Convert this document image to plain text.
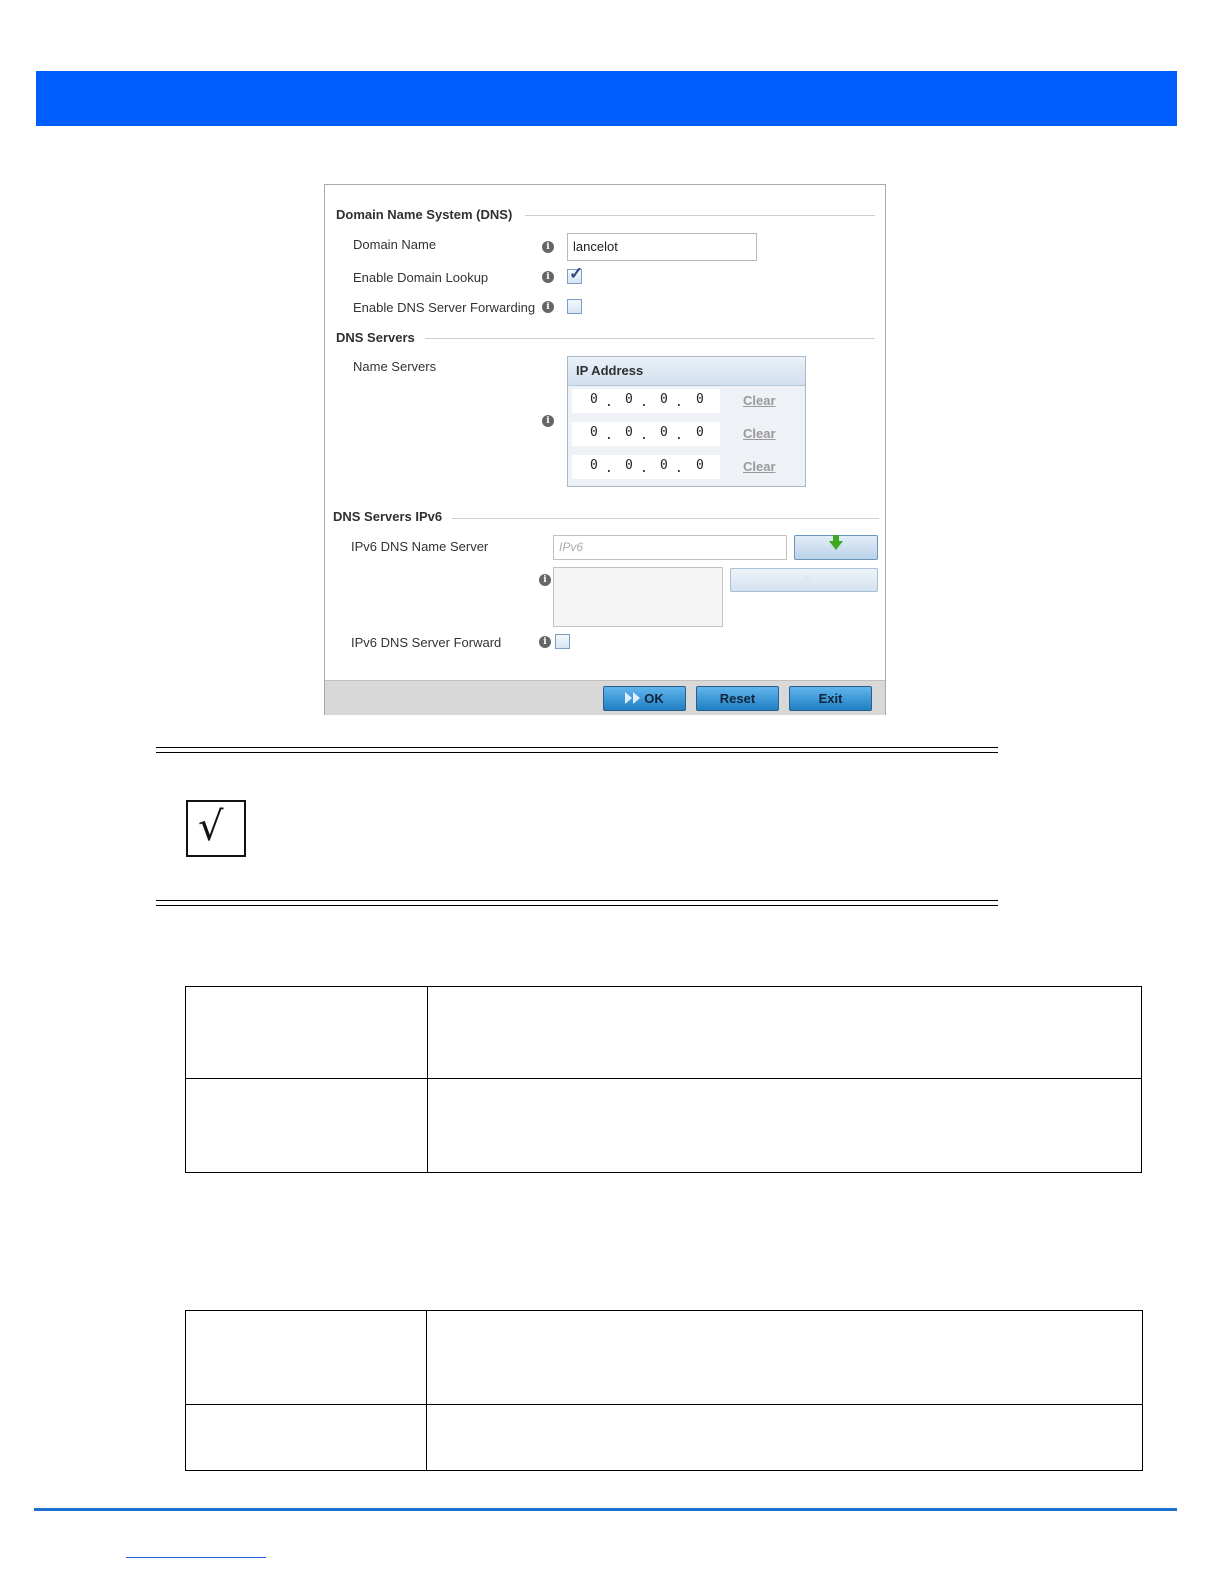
Domain Name System (DNS)
Domain Name	i	lancelot
Enable Domain Lookup	i ✓
Enable DNS Server Forwarding	i
DNS Servers
Name Servers
i
IP Address
0 . 0 . 0 . 0	Clear
0 . 0 . 0 . 0	Clear
0 . 0 . 0 . 0	Clear
DNS Servers IPv6
IPv6 DNS Name Server	IPv6
i
IPv6 DNS Server Forward	i
OK	Reset	Exit
√
